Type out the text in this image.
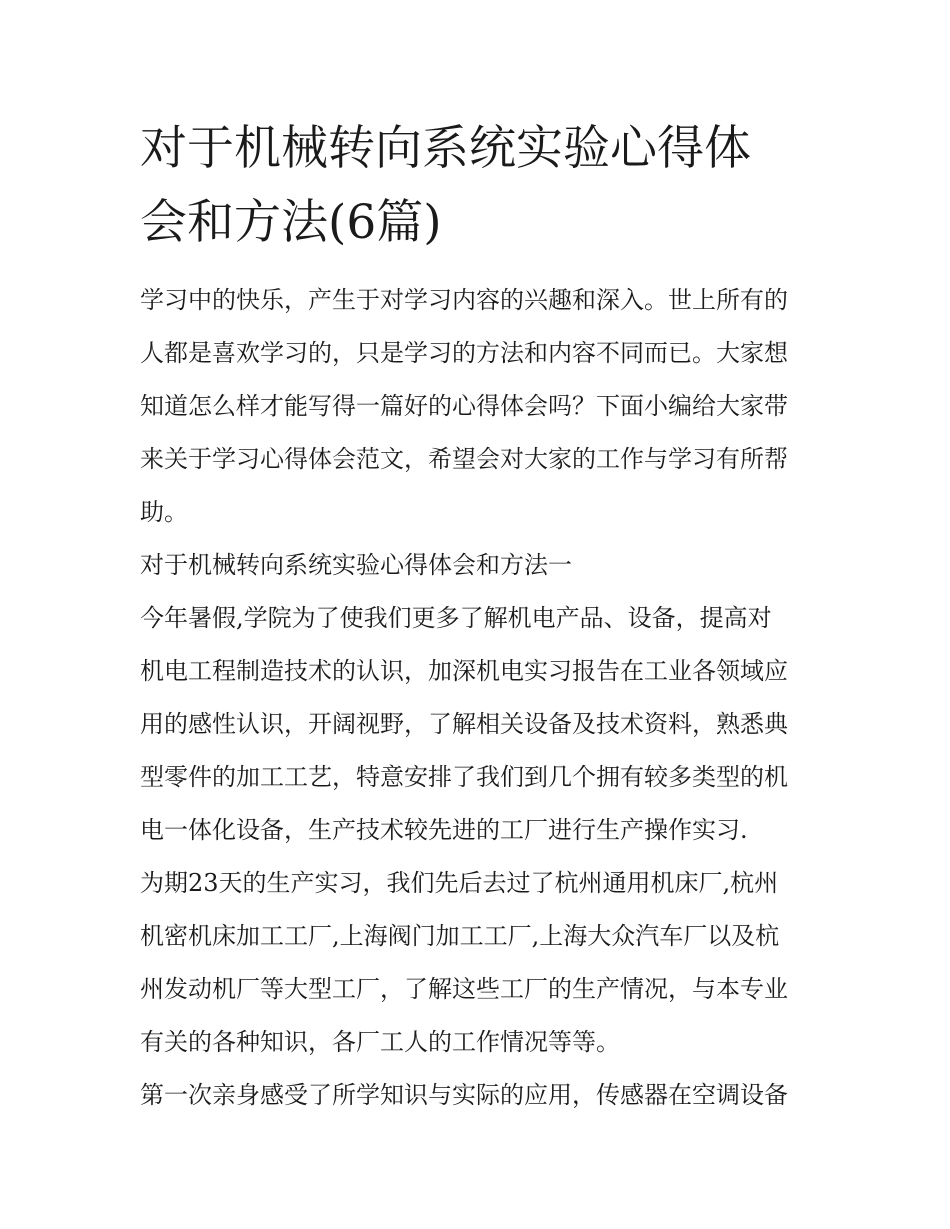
对于机械转向系统实验心得体
会和方法(6篇)

学习中的快乐，产生于对学习内容的兴趣和深入。世上所有的
人都是喜欢学习的，只是学习的方法和内容不同而已。大家想
知道怎么样才能写得一篇好的心得体会吗？下面小编给大家带
来关于学习心得体会范文，希望会对大家的工作与学习有所帮
助。

对于机械转向系统实验心得体会和方法一

今年暑假,学院为了使我们更多了解机电产品、设备，提高对
机电工程制造技术的认识，加深机电实习报告在工业各领域应
用的感性认识，开阔视野，了解相关设备及技术资料，熟悉典
型零件的加工工艺，特意安排了我们到几个拥有较多类型的机
电一体化设备，生产技术较先进的工厂进行生产操作实习.

为期23天的生产实习，我们先后去过了杭州通用机床厂,杭州
机密机床加工工厂,上海阀门加工工厂,上海大众汽车厂以及杭
州发动机厂等大型工厂，了解这些工厂的生产情况，与本专业
有关的各种知识，各厂工人的工作情况等等。

第一次亲身感受了所学知识与实际的应用，传感器在空调设备
